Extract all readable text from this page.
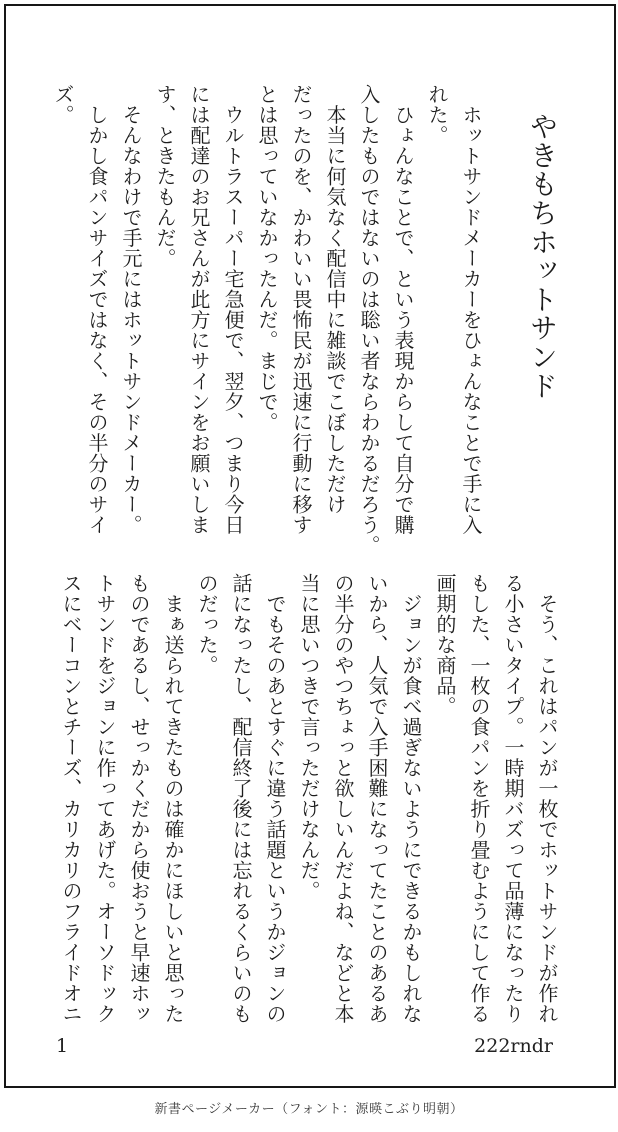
やきもちホットサンド
　ホットサンドメーカーをひょんなことで手に入
れた。
　ひょんなことで、という表現からして自分で購
入したものではないのは聡い者ならわかるだろう。
　本当に何気なく配信中に雑談でこぼしただけ
だったのを、かわいい畏怖民が迅速に行動に移す
とは思っていなかったんだ。まじで。
　ウルトラスーパー宅急便で、翌夕、つまり今日
には配達のお兄さんが此方にサインをお願いしま
す、ときたもんだ。
　そんなわけで手元にはホットサンドメーカー。
　しかし食パンサイズではなく、その半分のサイ
ズ。
　そう、これはパンが一枚でホットサンドが作れ
る小さいタイプ。一時期バズって品薄になったり
もした、一枚の食パンを折り畳むようにして作る
画期的な商品。
　ジョンが食べ過ぎないようにできるかもしれな
いから、人気で入手困難になってたことのあるあ
の半分のやつちょっと欲しいんだよね、などと本
当に思いつきで言っただけなんだ。
　でもそのあとすぐに違う話題というかジョンの
話になったし、配信終了後には忘れるくらいのも
のだった。
　まぁ送られてきたものは確かにほしいと思った
ものであるし、せっかくだから使おうと早速ホッ
トサンドをジョンに作ってあげた。オーソドック
スにベーコンとチーズ、カリカリのフライドオニ
1	222rndr
新書ページメーカー（フォント：源暎こぶり明朝）
